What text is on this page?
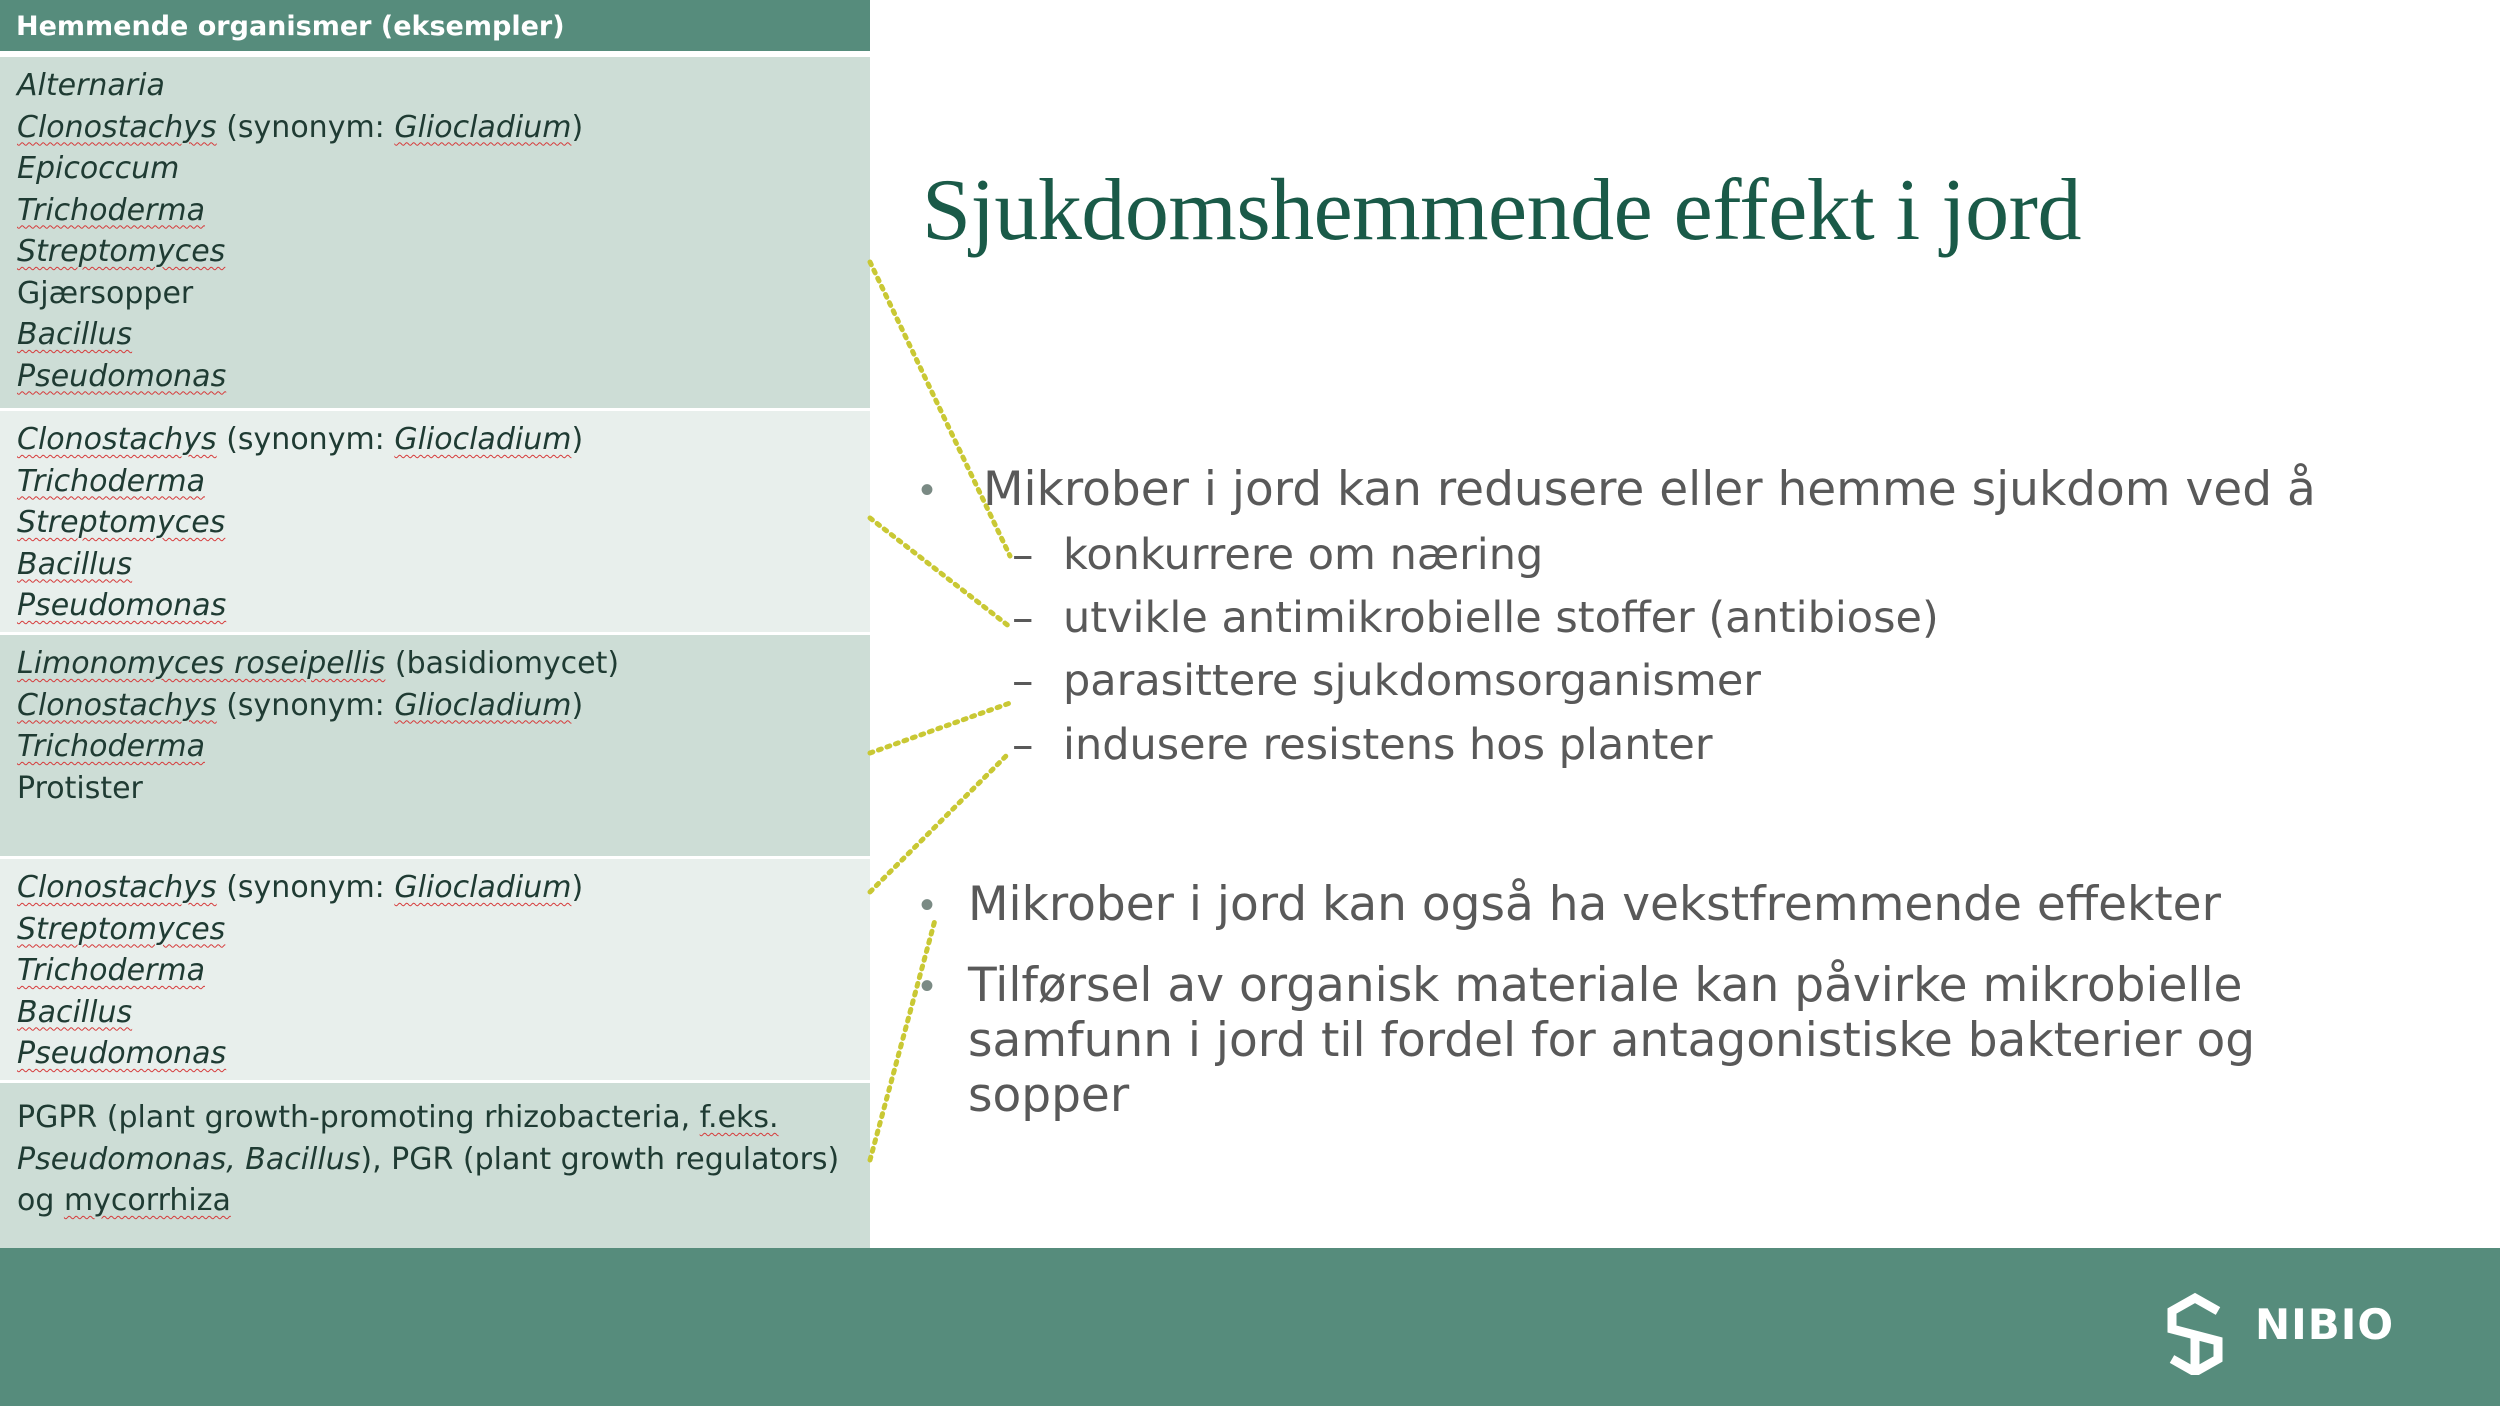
Hemmende organismer (eksempler)
Alternaria
Clonostachys (synonym: Gliocladium)
Epicoccum
Trichoderma
Streptomyces
Gjærsopper
Bacillus
Pseudomonas
Clonostachys (synonym: Gliocladium)
Trichoderma
Streptomyces
Bacillus
Pseudomonas
Limonomyces roseipellis (basidiomycet)
Clonostachys (synonym: Gliocladium)
Trichoderma
Protister
Clonostachys (synonym: Gliocladium)
Streptomyces
Trichoderma
Bacillus
Pseudomonas
PGPR (plant growth-promoting rhizobacteria, f.eks. Pseudomonas, Bacillus), PGR (plant growth regulators) og mycorrhiza
Sjukdomshemmende effekt i jord
• Mikrober i jord kan redusere eller hemme sjukdom ved å
– konkurrere om næring
– utvikle antimikrobielle stoffer (antibiose)
– parasittere sjukdomsorganismer
– indusere resistens hos planter
• Mikrober i jord kan også ha vekstfremmende effekter
• Tilførsel av organisk materiale kan påvirke mikrobielle
samfunn i jord til fordel for antagonistiske bakterier og
sopper
NIBIO
